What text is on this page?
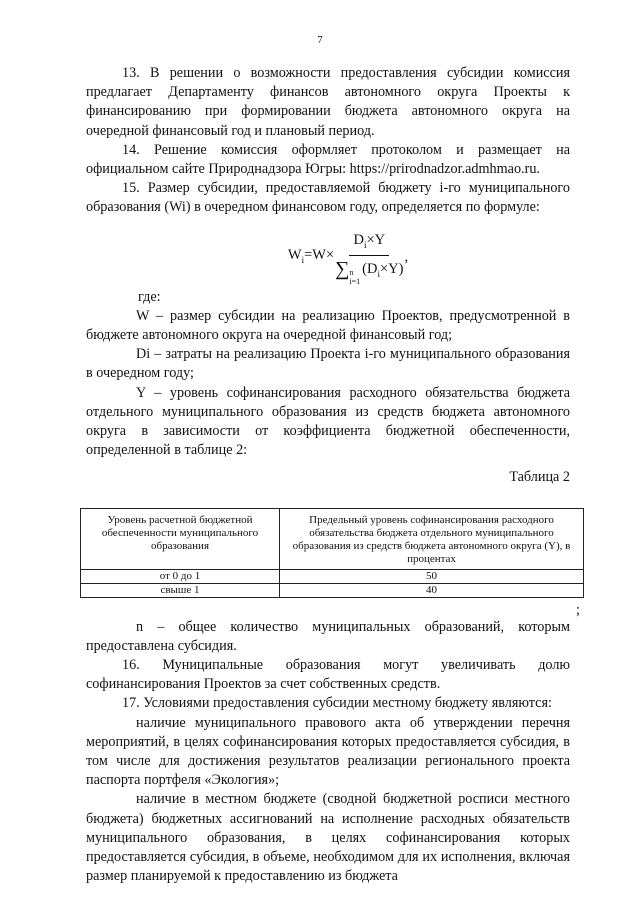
7

13. В решении о возможности предоставления субсидии комиссия предлагает Департаменту финансов автономного округа Проекты к финансированию при формировании бюджета автономного округа на очередной финансовый год и плановый период.

14. Решение комиссия оформляет протоколом и размещает на официальном сайте Природнадзора Югры: https://prirodnadzor.admhmao.ru.

15. Размер субсидии, предоставляемой бюджету i-го муниципального образования (Wi) в очередном финансовом году, определяется по формуле:

$W_i=W\times D_i\times Y$
∑ n
i=1
$(D_i\times Y)$ ,

где:

W – размер субсидии на реализацию Проектов, предусмотренной в бюджете автономного округа на очередной финансовый год;

Di – затраты на реализацию Проекта i-го муниципального образования в очередном году;

Y – уровень софинансирования расходного обязательства бюджета отдельного муниципального образования из средств бюджета автономного округа в зависимости от коэффициента бюджетной обеспеченности, определенной в таблице 2:

Таблица 2

Уровень расчетной бюджетной обеспеченности муниципального образования	Предельный уровень софинансирования расходного обязательства бюджета отдельного муниципального образования из средств бюджета автономного округа (Y), в процентах
от 0 до 1	50
свыше 1	40
;

n – общее количество муниципальных образований, которым предоставлена субсидия.

16. Муниципальные образования могут увеличивать долю софинансирования Проектов за счет собственных средств.

17. Условиями предоставления субсидии местному бюджету являются:

наличие муниципального правового акта об утверждении перечня мероприятий, в целях софинансирования которых предоставляется субсидия, в том числе для достижения результатов реализации регионального проекта паспорта портфеля «Экология»;

наличие в местном бюджете (сводной бюджетной росписи местного бюджета) бюджетных ассигнований на исполнение расходных обязательств муниципального образования, в целях софинансирования которых предоставляется субсидия, в объеме, необходимом для их исполнения, включая размер планируемой к предоставлению из бюджета
